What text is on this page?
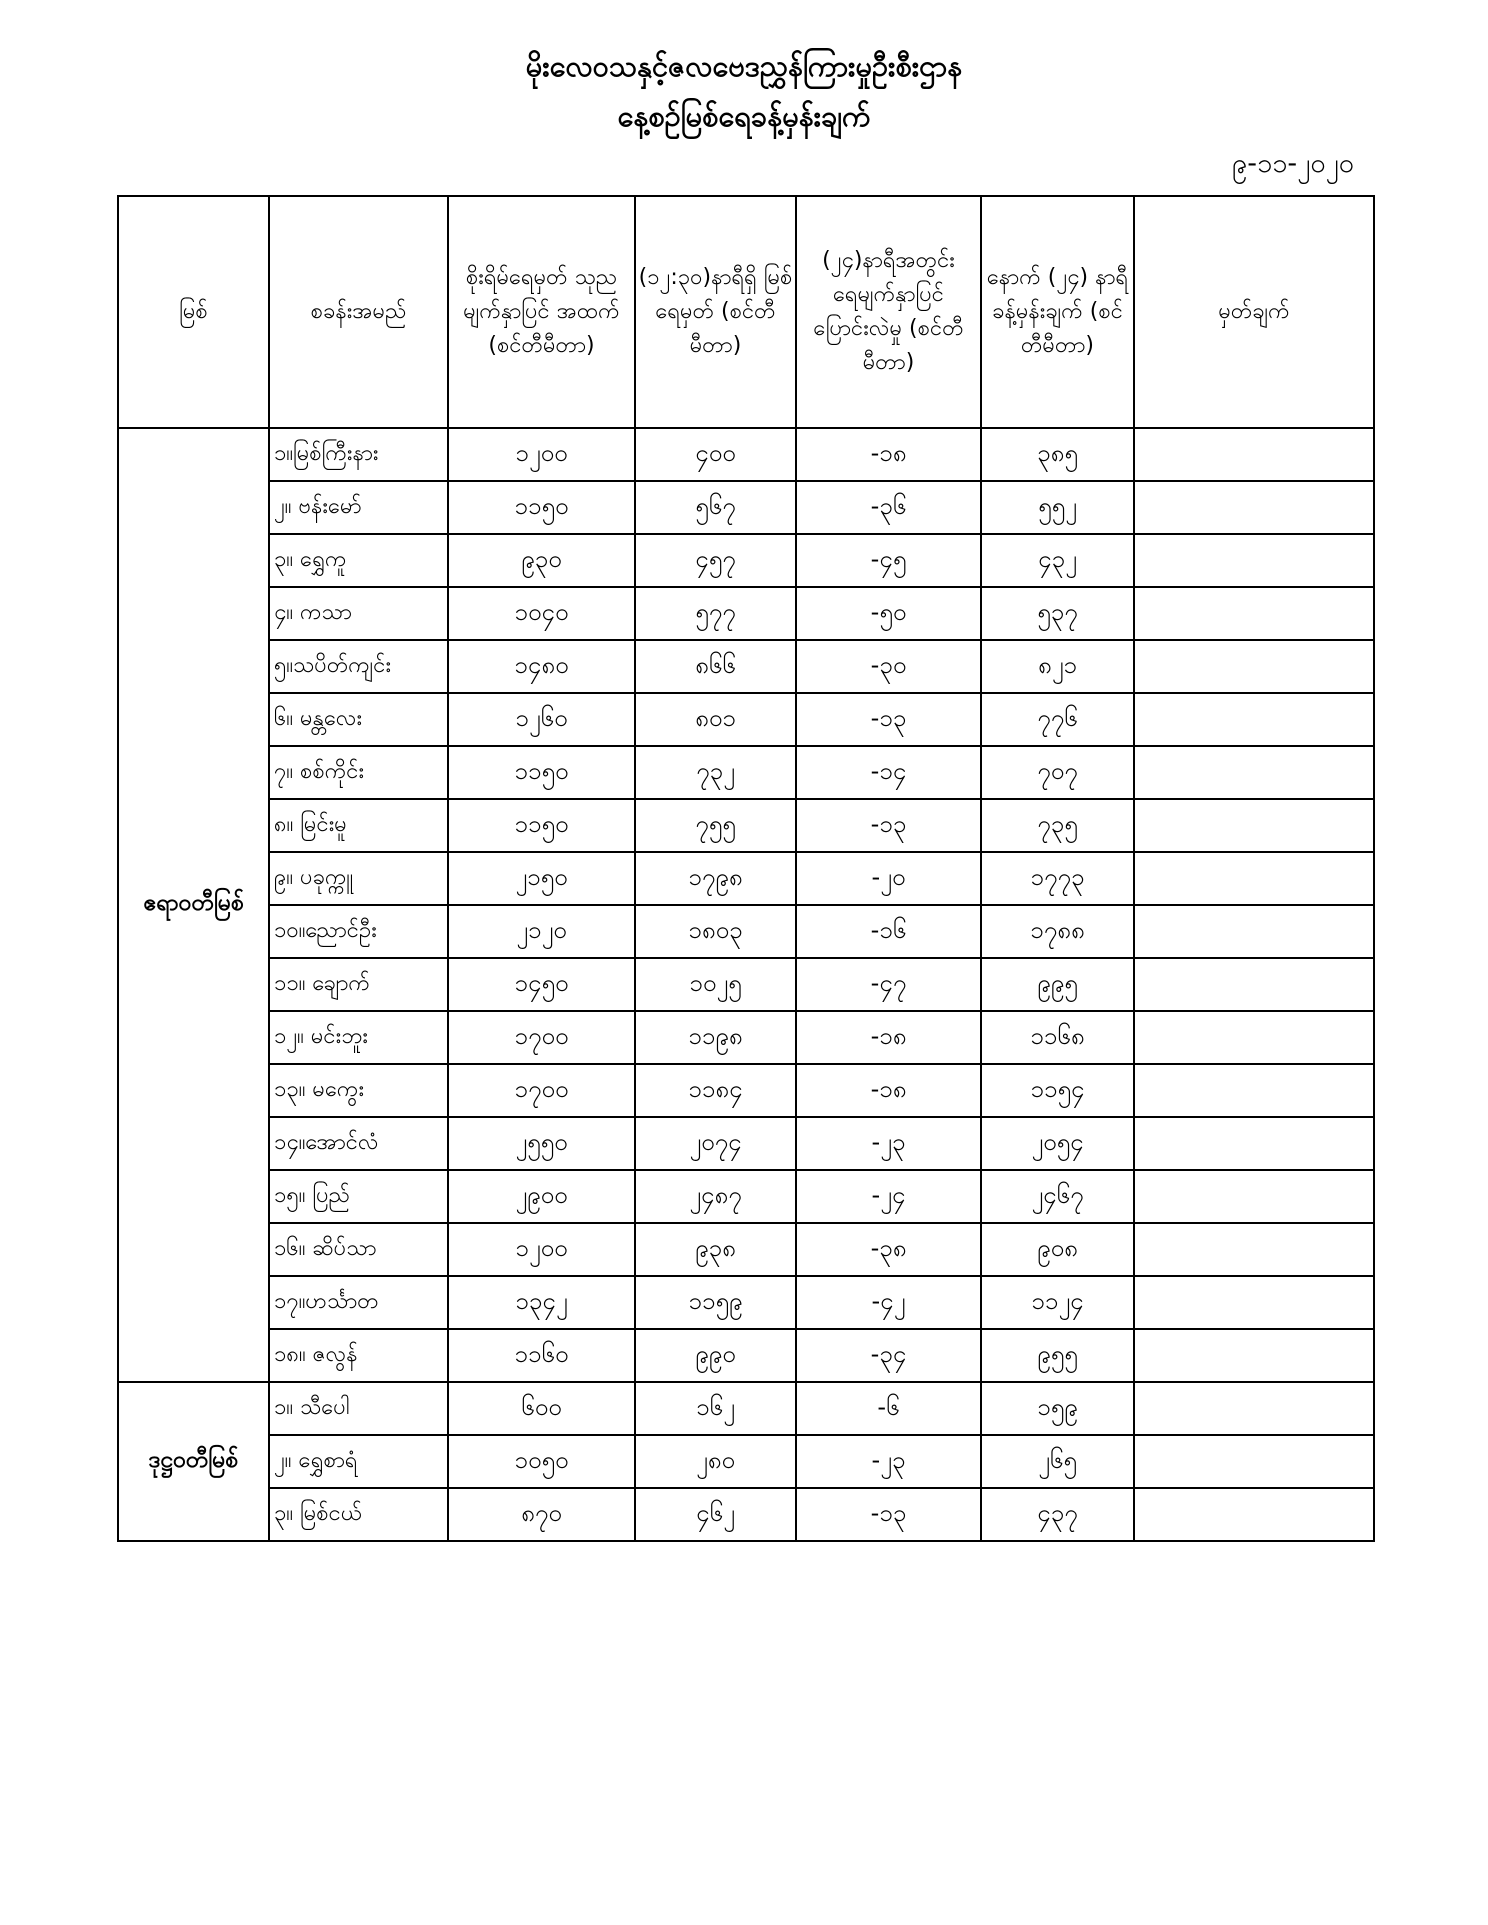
မိုးလေဝသနှင့်ဇလဗေဒညွှန်ကြားမှုဦးစီးဌာန
နေ့စဉ်မြစ်ရေခန့်မှန်းချက်
၉-၁၁-၂၀၂၀
မြစ်	စခန်းအမည်	စိုးရိမ်ရေမှတ် သုညမျက်နှာပြင် အထက် (စင်တီမီတာ)	(၁၂:၃၀)နာရီရှိ မြစ်ရေမှတ် (စင်တီမီတာ)	(၂၄)နာရီအတွင်း ရေမျက်နှာပြင် ပြောင်းလဲမှု (စင်တီမီတာ)	နောက် (၂၄) နာရီ ခန့်မှန်းချက် (စင်တီမီတာ)	မှတ်ချက်
ဧရာဝတီမြစ်	၁။မြစ်ကြီးနား	၁၂၀၀	၄၀၀	-၁၈	၃၈၅	
	၂။ ဗန်းမော်	၁၁၅၀	၅၆၇	-၃၆	၅၅၂	
	၃။ ရွှေကူ	၉၃၀	၄၅၇	-၄၅	၄၃၂	
	၄။ ကသာ	၁၀၄၀	၅၇၇	-၅၀	၅၃၇	
	၅။သပိတ်ကျင်း	၁၄၈၀	၈၆၆	-၃၀	၈၂၁	
	၆။ မန္တလေး	၁၂၆၀	၈၀၁	-၁၃	၇၇၆	
	၇။ စစ်ကိုင်း	၁၁၅၀	၇၃၂	-၁၄	၇၀၇	
	၈။ မြင်းမူ	၁၁၅၀	၇၅၅	-၁၃	၇၃၅	
	၉။ ပခုက္ကူ	၂၁၅၀	၁၇၉၈	-၂၀	၁၇၇၃	
	၁၀။ညောင်ဦး	၂၁၂၀	၁၈၀၃	-၁၆	၁၇၈၈	
	၁၁။ ချောက်	၁၄၅၀	၁၀၂၅	-၄၇	၉၉၅	
	၁၂။ မင်းဘူး	၁၇၀၀	၁၁၉၈	-၁၈	၁၁၆၈	
	၁၃။ မကွေး	၁၇၀၀	၁၁၈၄	-၁၈	၁၁၅၄	
	၁၄။အောင်လံ	၂၅၅၀	၂၀၇၄	-၂၃	၂၀၅၄	
	၁၅။ ပြည်	၂၉၀၀	၂၄၈၇	-၂၄	၂၄၆၇	
	၁၆။ ဆိပ်သာ	၁၂၀၀	၉၃၈	-၃၈	၉၀၈	
	၁၇။ဟင်္သာတ	၁၃၄၂	၁၁၅၉	-၄၂	၁၁၂၄	
	၁၈။ ဇလွန်	၁၁၆၀	၉၉၀	-၃၄	၉၅၅	
ဒုဋ္ဌဝတီမြစ်	၁။ သီပေါ	၆၀၀	၁၆၂	-၆	၁၅၉	
	၂။ ရွှေစာရံ	၁၀၅၀	၂၈၀	-၂၃	၂၆၅	
	၃။ မြစ်ငယ်	၈၇၀	၄၆၂	-၁၃	၄၃၇	
